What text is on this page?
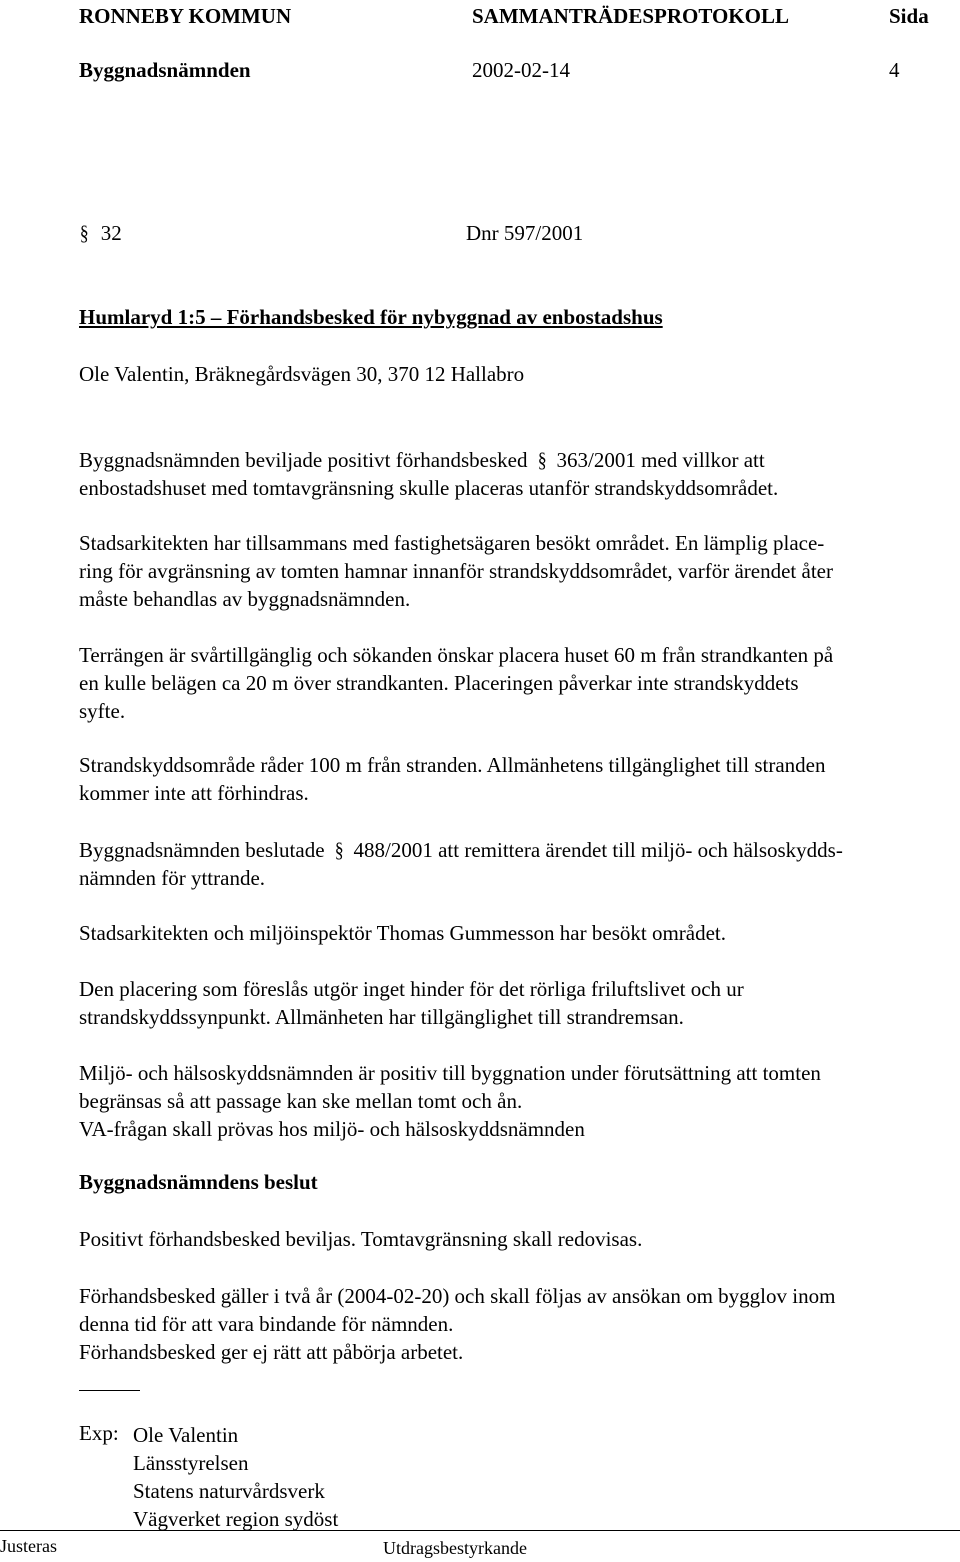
RONNEBY KOMMUN	SAMMANTRÄDESPROTOKOLL	Sida
Byggnadsnämnden	2002-02-14	4
§ 32	Dnr 597/2001
Humlaryd 1:5 – Förhandsbesked för nybyggnad av enbostadshus
Ole Valentin, Bräknegårdsvägen 30, 370 12 Hallabro
Byggnadsnämnden beviljade positivt förhandsbesked § 363/2001 med villkor att
enbostadshuset med tomtavgränsning skulle placeras utanför strandskyddsområdet.
Stadsarkitekten har tillsammans med fastighetsägaren besökt området. En lämplig place-
ring för avgränsning av tomten hamnar innanför strandskyddsområdet, varför ärendet åter
måste behandlas av byggnadsnämnden.
Terrängen är svårtillgänglig och sökanden önskar placera huset 60 m från strandkanten på
en kulle belägen ca 20 m över strandkanten. Placeringen påverkar inte strandskyddets
syfte.
Strandskyddsområde råder 100 m från stranden. Allmänhetens tillgänglighet till stranden
kommer inte att förhindras.
Byggnadsnämnden beslutade § 488/2001 att remittera ärendet till miljö- och hälsoskydds-
nämnden för yttrande.
Stadsarkitekten och miljöinspektör Thomas Gummesson har besökt området.
Den placering som föreslås utgör inget hinder för det rörliga friluftslivet och ur
strandskyddssynpunkt. Allmänheten har tillgänglighet till strandremsan.
Miljö- och hälsoskyddsnämnden är positiv till byggnation under förutsättning att tomten
begränsas så att passage kan ske mellan tomt och ån.
VA-frågan skall prövas hos miljö- och hälsoskyddsnämnden
Byggnadsnämndens beslut
Positivt förhandsbesked beviljas. Tomtavgränsning skall redovisas.
Förhandsbesked gäller i två år (2004-02-20) och skall följas av ansökan om bygglov inom
denna tid för att vara bindande för nämnden.
Förhandsbesked ger ej rätt att påbörja arbetet.
Exp: Ole Valentin
Länsstyrelsen
Statens naturvårdsverk
Vägverket region sydöst
Justeras	Utdragsbestyrkande
